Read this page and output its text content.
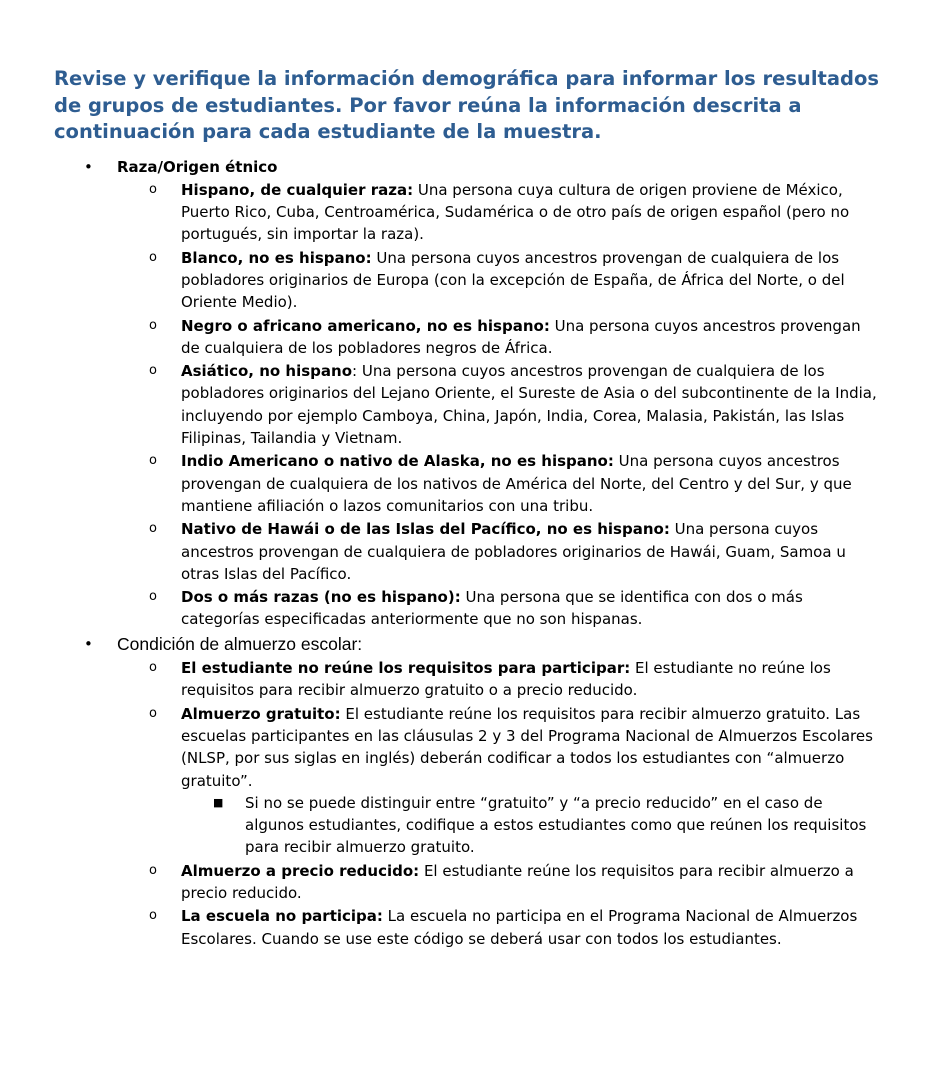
Revise y verifique la información demográfica para informar los resultados de grupos de estudiantes. Por favor reúna la información descrita a continuación para cada estudiante de la muestra.
• Raza/Origen étnico
o Hispano, de cualquier raza: Una persona cuya cultura de origen proviene de México, Puerto Rico, Cuba, Centroamérica, Sudamérica o de otro país de origen español (pero no portugués, sin importar la raza).
o Blanco, no es hispano: Una persona cuyos ancestros provengan de cualquiera de los pobladores originarios de Europa (con la excepción de España, de África del Norte, o del Oriente Medio).
o Negro o africano americano, no es hispano: Una persona cuyos ancestros provengan de cualquiera de los pobladores negros de África.
o Asiático, no hispano: Una persona cuyos ancestros provengan de cualquiera de los pobladores originarios del Lejano Oriente, el Sureste de Asia o del subcontinente de la India, incluyendo por ejemplo Camboya, China, Japón, India, Corea, Malasia, Pakistán, las Islas Filipinas, Tailandia y Vietnam.
o Indio Americano o nativo de Alaska, no es hispano: Una persona cuyos ancestros provengan de cualquiera de los nativos de América del Norte, del Centro y del Sur, y que mantiene afiliación o lazos comunitarios con una tribu.
o Nativo de Hawái o de las Islas del Pacífico, no es hispano: Una persona cuyos ancestros provengan de cualquiera de pobladores originarios de Hawái, Guam, Samoa u otras Islas del Pacífico.
o Dos o más razas (no es hispano): Una persona que se identifica con dos o más categorías especificadas anteriormente que no son hispanas.
• Condición de almuerzo escolar:
o El estudiante no reúne los requisitos para participar: El estudiante no reúne los requisitos para recibir almuerzo gratuito o a precio reducido.
o Almuerzo gratuito: El estudiante reúne los requisitos para recibir almuerzo gratuito. Las escuelas participantes en las cláusulas 2 y 3 del Programa Nacional de Almuerzos Escolares (NLSP, por sus siglas en inglés) deberán codificar a todos los estudiantes con “almuerzo gratuito”.
■ Si no se puede distinguir entre “gratuito” y “a precio reducido” en el caso de algunos estudiantes, codifique a estos estudiantes como que reúnen los requisitos para recibir almuerzo gratuito.
o Almuerzo a precio reducido: El estudiante reúne los requisitos para recibir almuerzo a precio reducido.
o La escuela no participa: La escuela no participa en el Programa Nacional de Almuerzos Escolares. Cuando se use este código se deberá usar con todos los estudiantes.
